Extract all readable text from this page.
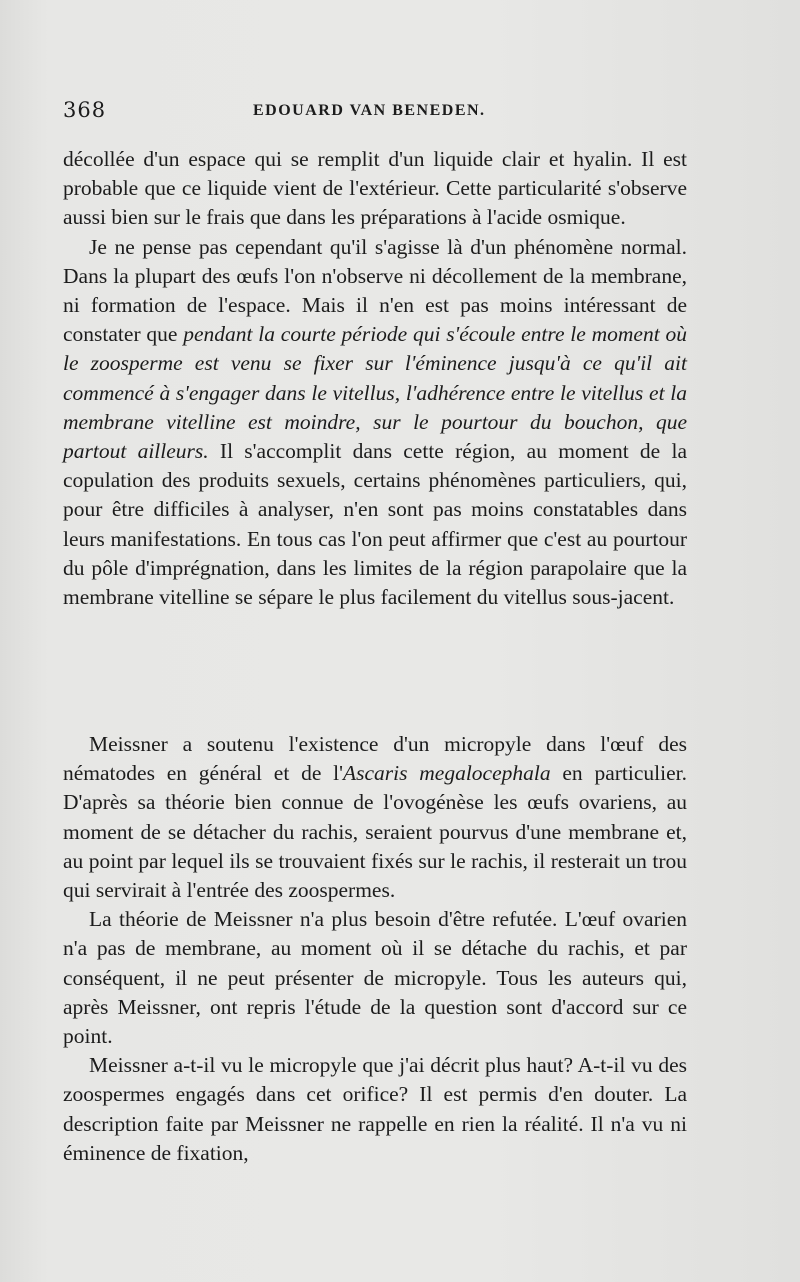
368	EDOUARD VAN BENEDEN.

décollée d'un espace qui se remplit d'un liquide clair et hyalin. Il est probable que ce liquide vient de l'extérieur. Cette particularité s'observe aussi bien sur le frais que dans les préparations à l'acide osmique.

Je ne pense pas cependant qu'il s'agisse là d'un phénomène normal. Dans la plupart des œufs l'on n'observe ni décollement de la membrane, ni formation de l'espace. Mais il n'en est pas moins intéressant de constater que pendant la courte période qui s'écoule entre le moment où le zoosperme est venu se fixer sur l'éminence jusqu'à ce qu'il ait commencé à s'engager dans le vitellus, l'adhérence entre le vitellus et la membrane vitelline est moindre, sur le pourtour du bouchon, que partout ailleurs. Il s'accomplit dans cette région, au moment de la copulation des produits sexuels, certains phénomènes particuliers, qui, pour être difficiles à analyser, n'en sont pas moins constatables dans leurs manifestations. En tous cas l'on peut affirmer que c'est au pourtour du pôle d'imprégnation, dans les limites de la région parapolaire que la membrane vitelline se sépare le plus facilement du vitellus sous-jacent.

Meissner a soutenu l'existence d'un micropyle dans l'œuf des nématodes en général et de l'Ascaris megalocephala en particulier. D'après sa théorie bien connue de l'ovogénèse les œufs ovariens, au moment de se détacher du rachis, seraient pourvus d'une membrane et, au point par lequel ils se trouvaient fixés sur le rachis, il resterait un trou qui servirait à l'entrée des zoospermes.

La théorie de Meissner n'a plus besoin d'être refutée. L'œuf ovarien n'a pas de membrane, au moment où il se détache du rachis, et par conséquent, il ne peut présenter de micropyle. Tous les auteurs qui, après Meissner, ont repris l'étude de la question sont d'accord sur ce point.

Meissner a-t-il vu le micropyle que j'ai décrit plus haut? A-t-il vu des zoospermes engagés dans cet orifice? Il est permis d'en douter. La description faite par Meissner ne rappelle en rien la réalité. Il n'a vu ni éminence de fixation,
